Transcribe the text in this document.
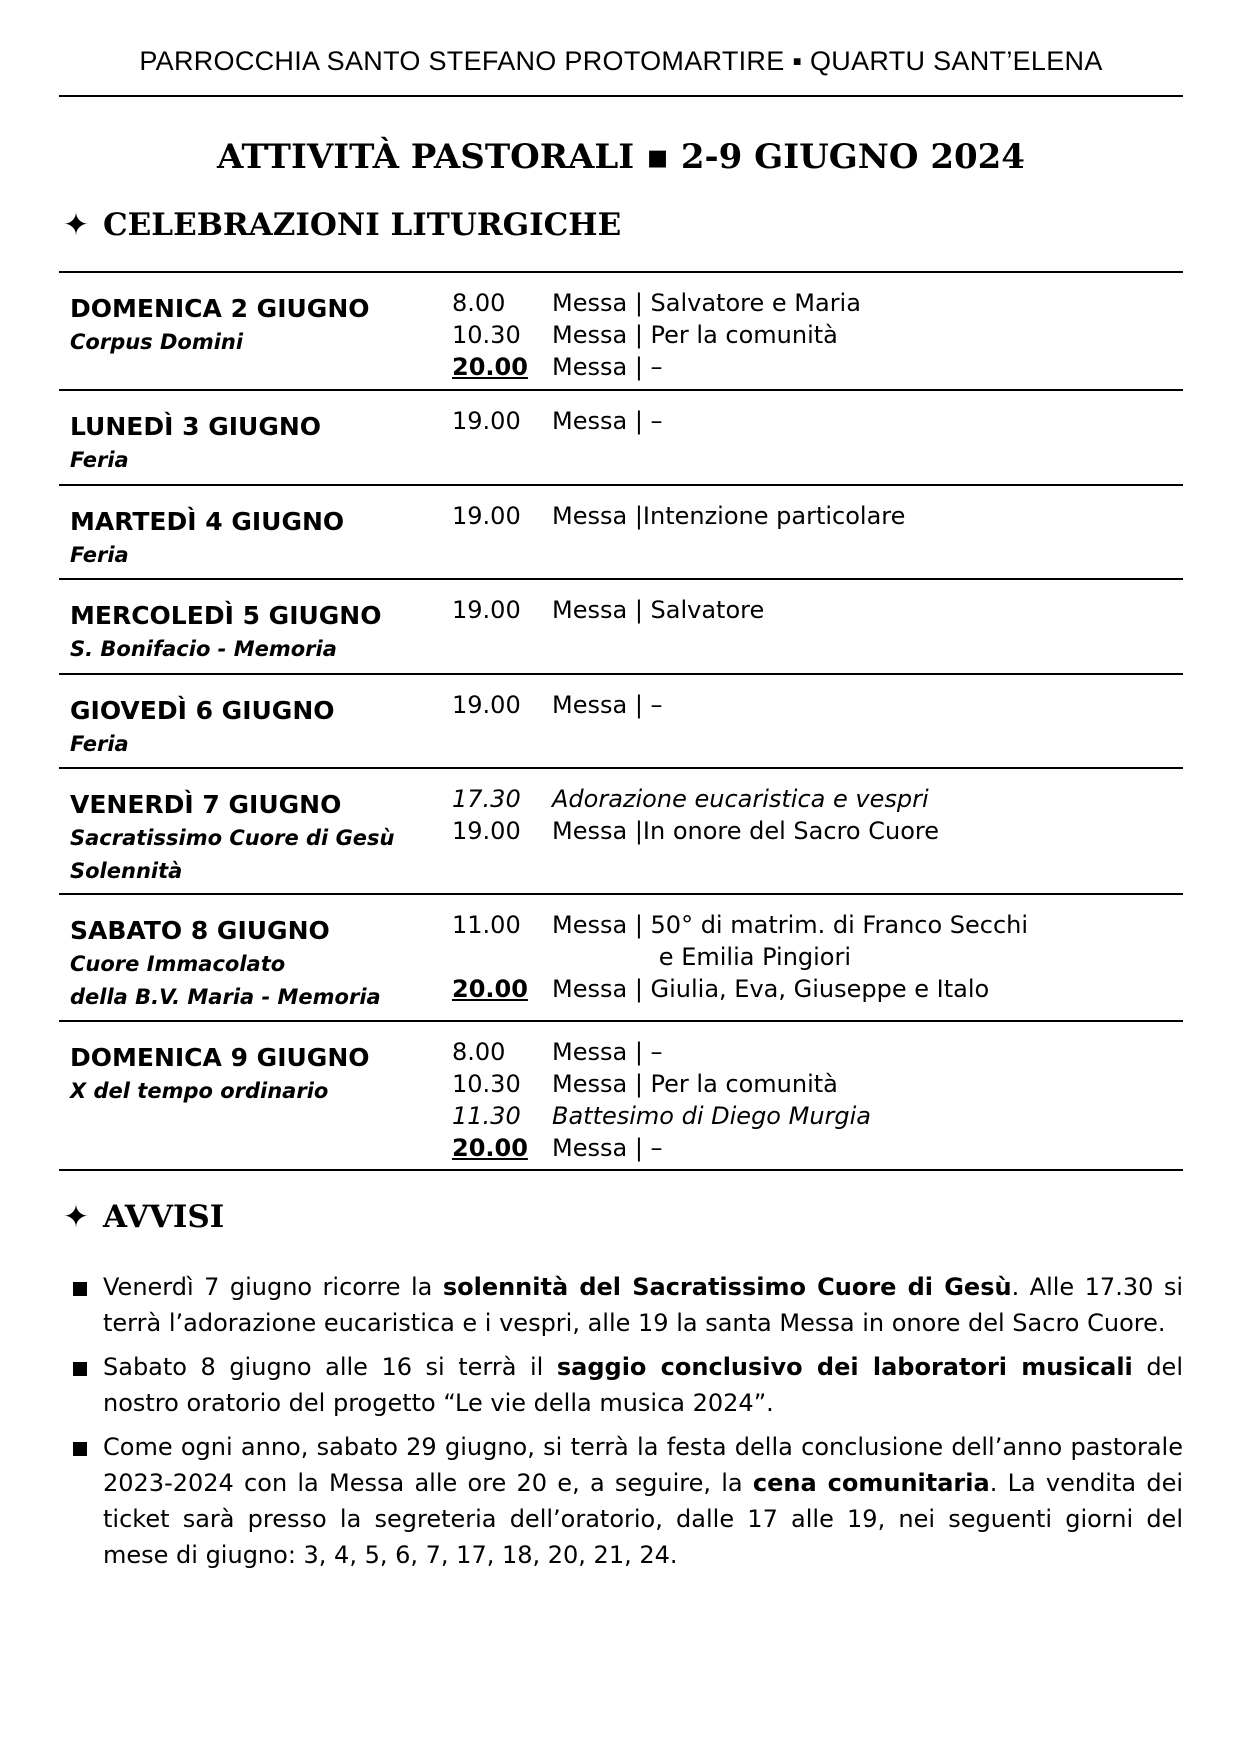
PARROCCHIA SANTO STEFANO PROTOMARTIRE ▪ QUARTU SANT’ELENA
ATTIVITÀ PASTORALI ▪ 2-9 GIUGNO 2024
✦ CELEBRAZIONI LITURGICHE
DOMENICA 2 GIUGNO
Corpus Domini
8.00	Messa | Salvatore e Maria
10.30	Messa | Per la comunità
20.00	Messa | –
LUNEDÌ 3 GIUGNO
Feria
19.00	Messa | –
MARTEDÌ 4 GIUGNO
Feria
19.00	Messa |Intenzione particolare
MERCOLEDÌ 5 GIUGNO
S. Bonifacio - Memoria
19.00	Messa | Salvatore
GIOVEDÌ 6 GIUGNO
Feria
19.00	Messa | –
VENERDÌ 7 GIUGNO
Sacratissimo Cuore di Gesù
Solennità
17.30	Adorazione eucaristica e vespri
19.00	Messa |In onore del Sacro Cuore
SABATO 8 GIUGNO
Cuore Immacolato
della B.V. Maria - Memoria
11.00	Messa | 50° di matrim. di Franco Secchi
e Emilia Pingiori
20.00	Messa | Giulia, Eva, Giuseppe e Italo
DOMENICA 9 GIUGNO
X del tempo ordinario
8.00	Messa | –
10.30	Messa | Per la comunità
11.30	Battesimo di Diego Murgia
20.00	Messa | –
✦ AVVISI
Venerdì 7 giugno ricorre la solennità del Sacratissimo Cuore di Gesù. Alle 17.30 si terrà l’adorazione eucaristica e i vespri, alle 19 la santa Messa in onore del Sacro Cuore.
Sabato 8 giugno alle 16 si terrà il saggio conclusivo dei laboratori musicali del nostro oratorio del progetto “Le vie della musica 2024”.
Come ogni anno, sabato 29 giugno, si terrà la festa della conclusione dell’anno pastorale 2023-2024 con la Messa alle ore 20 e, a seguire, la cena comunitaria. La vendita dei ticket sarà presso la segreteria dell’oratorio, dalle 17 alle 19, nei seguenti giorni del mese di giugno: 3, 4, 5, 6, 7, 17, 18, 20, 21, 24.
